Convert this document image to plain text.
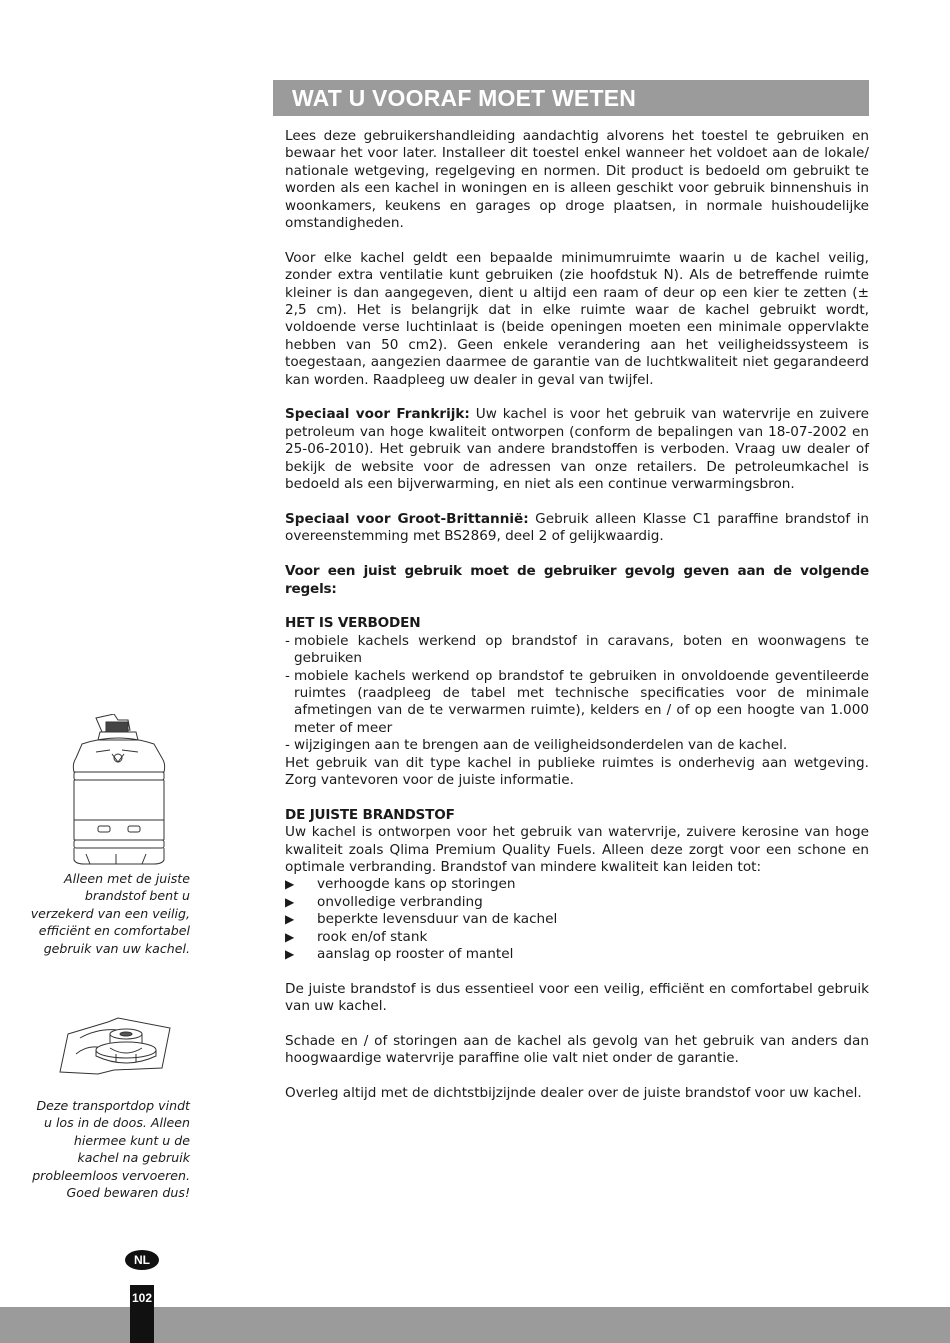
WAT U VOORAF MOET WETEN

Lees deze gebruikershandleiding aandachtig alvorens het toestel te gebruiken en bewaar het voor later. Installeer dit toestel enkel wanneer het voldoet aan de lokale/ nationale wetgeving, regelgeving en normen. Dit product is bedoeld om gebruikt te worden als een kachel in woningen en is alleen geschikt voor gebruik binnenshuis in woonkamers, keukens en garages op droge plaatsen, in normale huishoudelijke omstandigheden.

Voor elke kachel geldt een bepaalde minimumruimte waarin u de kachel veilig, zonder extra ventilatie kunt gebruiken (zie hoofdstuk N). Als de betreffende ruimte kleiner is dan aangegeven, dient u altijd een raam of deur op een kier te zetten (± 2,5 cm). Het is belangrijk dat in elke ruimte waar de kachel gebruikt wordt, voldoende verse luchtinlaat is (beide openingen moeten een minimale oppervlakte hebben van 50 cm2). Geen enkele verandering aan het veiligheidssysteem is toegestaan, aangezien daarmee de garantie van de luchtkwaliteit niet gegarandeerd kan worden. Raadpleeg uw dealer in geval van twijfel.

Speciaal voor Frankrijk: Uw kachel is voor het gebruik van watervrije en zuivere petroleum van hoge kwaliteit ontworpen (conform de bepalingen van 18-07-2002 en 25-06-2010). Het gebruik van andere brandstoffen is verboden. Vraag uw dealer of bekijk de website voor de adressen van onze retailers. De petroleumkachel is bedoeld als een bijverwarming, en niet als een continue verwarmingsbron.

Speciaal voor Groot-Brittannië: Gebruik alleen Klasse C1 paraffine brandstof in overeenstemming met BS2869, deel 2 of gelijkwaardig.

Voor een juist gebruik moet de gebruiker gevolg geven aan de volgende regels:

HET IS VERBODEN

- mobiele kachels werkend op brandstof in caravans, boten en woonwagens te gebruiken
- mobiele kachels werkend op brandstof te gebruiken in onvoldoende geventileerde ruimtes (raadpleeg de tabel met technische specificaties voor de minimale afmetingen van de te verwarmen ruimte), kelders en / of op een hoogte van 1.000 meter of meer
- wijzigingen aan te brengen aan de veiligheidsonderdelen van de kachel.

Het gebruik van dit type kachel in publieke ruimtes is onderhevig aan wetgeving. Zorg vantevoren voor de juiste informatie.

DE JUISTE BRANDSTOF

Uw kachel is ontworpen voor het gebruik van watervrije, zuivere kerosine van hoge kwaliteit zoals Qlima Premium Quality Fuels. Alleen deze zorgt voor een schone en optimale verbranding. Brandstof van mindere kwaliteit kan leiden tot:

▶	verhoogde kans op storingen
▶	onvolledige verbranding
▶	beperkte levensduur van de kachel
▶	rook en/of stank
▶	aanslag op rooster of mantel

De juiste brandstof is dus essentieel voor een veilig, efficiënt en comfortabel gebruik van uw kachel.

Schade en / of storingen aan de kachel als gevolg van het gebruik van anders dan hoogwaardige watervrije paraffine olie valt niet onder de garantie.

Overleg altijd met de dichtstbijzijnde dealer over de juiste brandstof voor uw kachel.

Alleen met de juiste brandstof bent u verzekerd van een veilig, efficiënt en comfortabel gebruik van uw kachel.

Deze transportdop vindt u los in de doos. Alleen hiermee kunt u de kachel na gebruik probleemloos vervoeren. Goed bewaren dus!

NL
102
